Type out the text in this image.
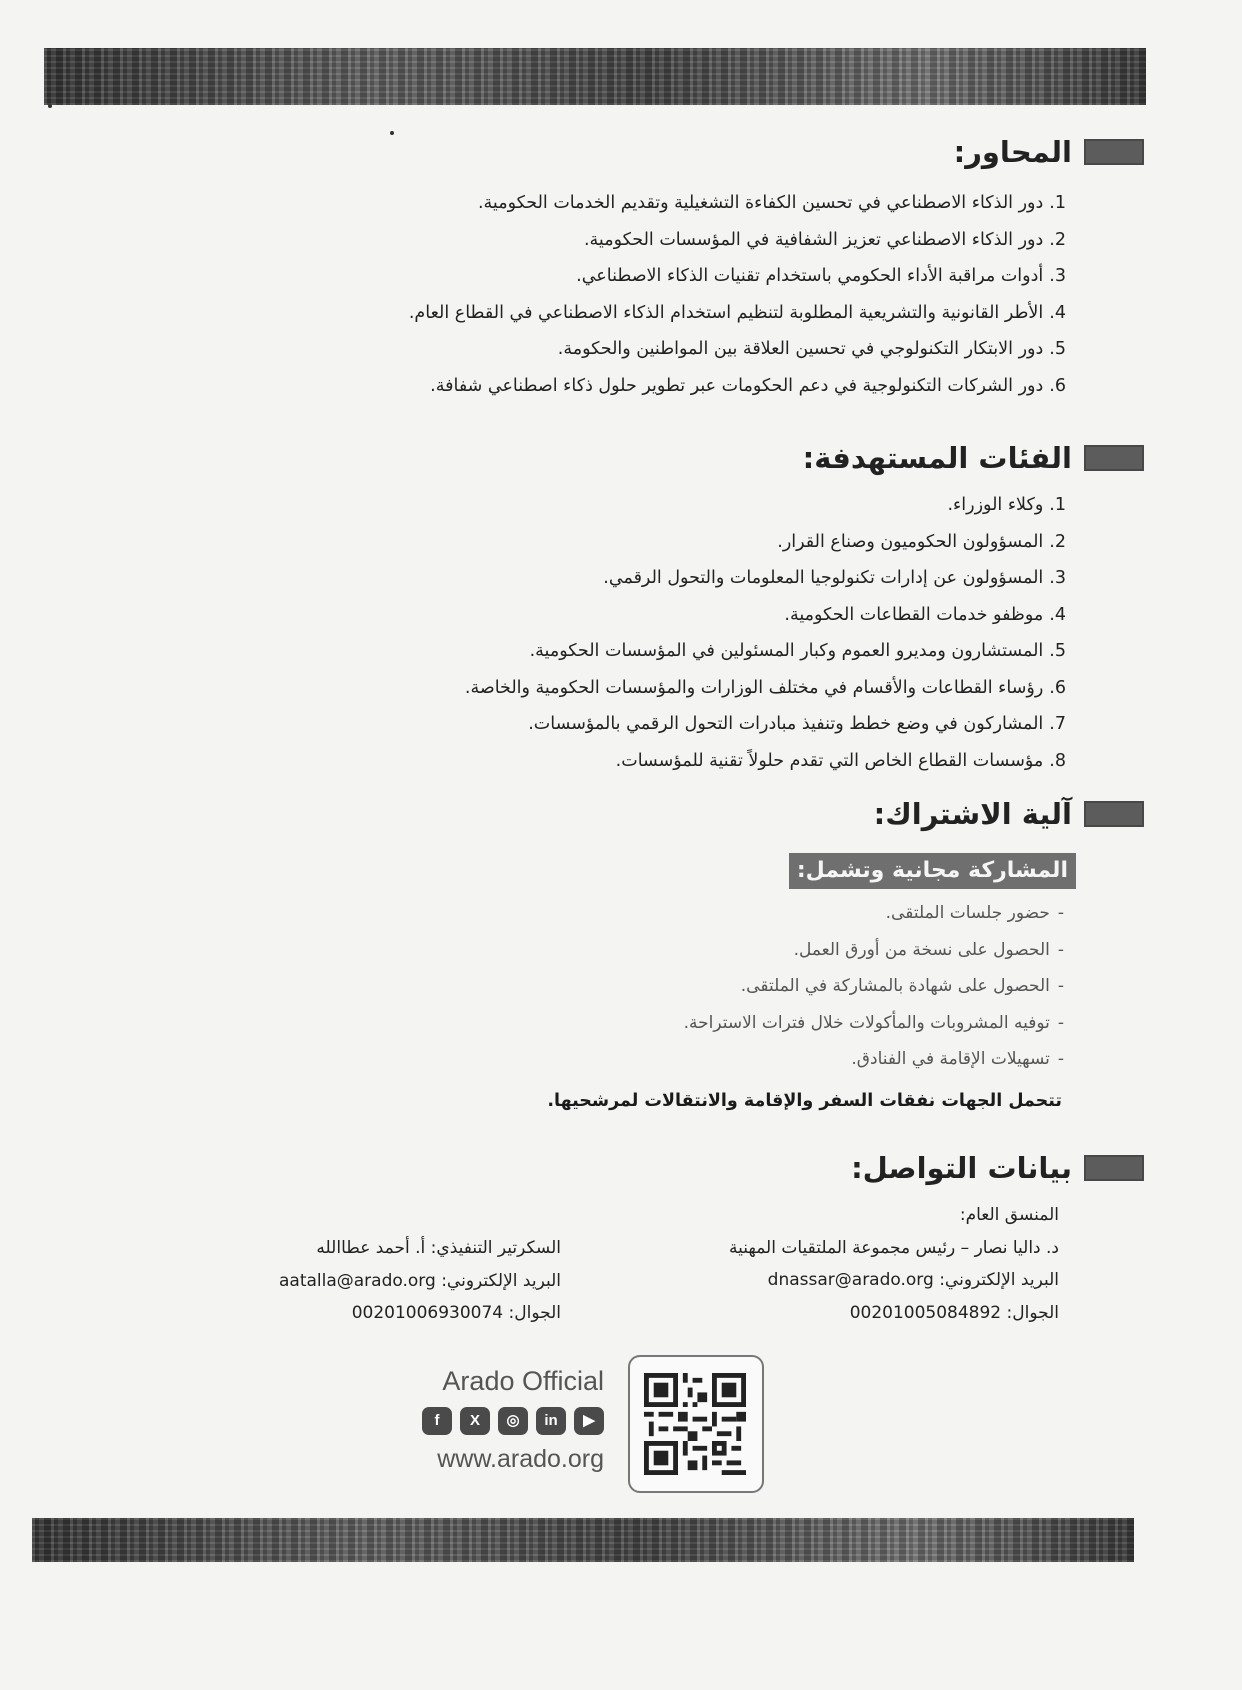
المحاور:
1.دور الذكاء الاصطناعي في تحسين الكفاءة التشغيلية وتقديم الخدمات الحكومية.
2.دور الذكاء الاصطناعي تعزيز الشفافية في المؤسسات الحكومية.
3.أدوات مراقبة الأداء الحكومي باستخدام تقنيات الذكاء الاصطناعي.
4.الأطر القانونية والتشريعية المطلوبة لتنظيم استخدام الذكاء الاصطناعي في القطاع العام.
5.دور الابتكار التكنولوجي في تحسين العلاقة بين المواطنين والحكومة.
6.دور الشركات التكنولوجية في دعم الحكومات عبر تطوير حلول ذكاء اصطناعي شفافة.
الفئات المستهدفة:
1.وكلاء الوزراء.
2.المسؤولون الحكوميون وصناع القرار.
3.المسؤولون عن إدارات تكنولوجيا المعلومات والتحول الرقمي.
4.موظفو خدمات القطاعات الحكومية.
5.المستشارون ومديرو العموم وكبار المسئولين في المؤسسات الحكومية.
6.رؤساء القطاعات والأقسام في مختلف الوزارات والمؤسسات الحكومية والخاصة.
7.المشاركون في وضع خطط وتنفيذ مبادرات التحول الرقمي بالمؤسسات.
8.مؤسسات القطاع الخاص التي تقدم حلولاً تقنية للمؤسسات.
آلية الاشتراك:
المشاركة مجانية وتشمل:
-حضور جلسات الملتقى.
-الحصول على نسخة من أورق العمل.
-الحصول على شهادة بالمشاركة في الملتقى.
-توفيه المشروبات والمأكولات خلال فترات الاستراحة.
-تسهيلات الإقامة في الفنادق.
تتحمل الجهات نفقات السفر والإقامة والانتقالات لمرشحيها.
بيانات التواصل:
المنسق العام:
د. داليا نصار – رئيس مجموعة الملتقيات المهنية
البريد الإلكتروني: dnassar@arado.org
الجوال: 00201005084892
السكرتير التنفيذي: أ. أحمد عطاالله
البريد الإلكتروني: aatalla@arado.org
الجوال: 00201006930074
Arado Official
f	X	◎	in	▶
www.arado.org
